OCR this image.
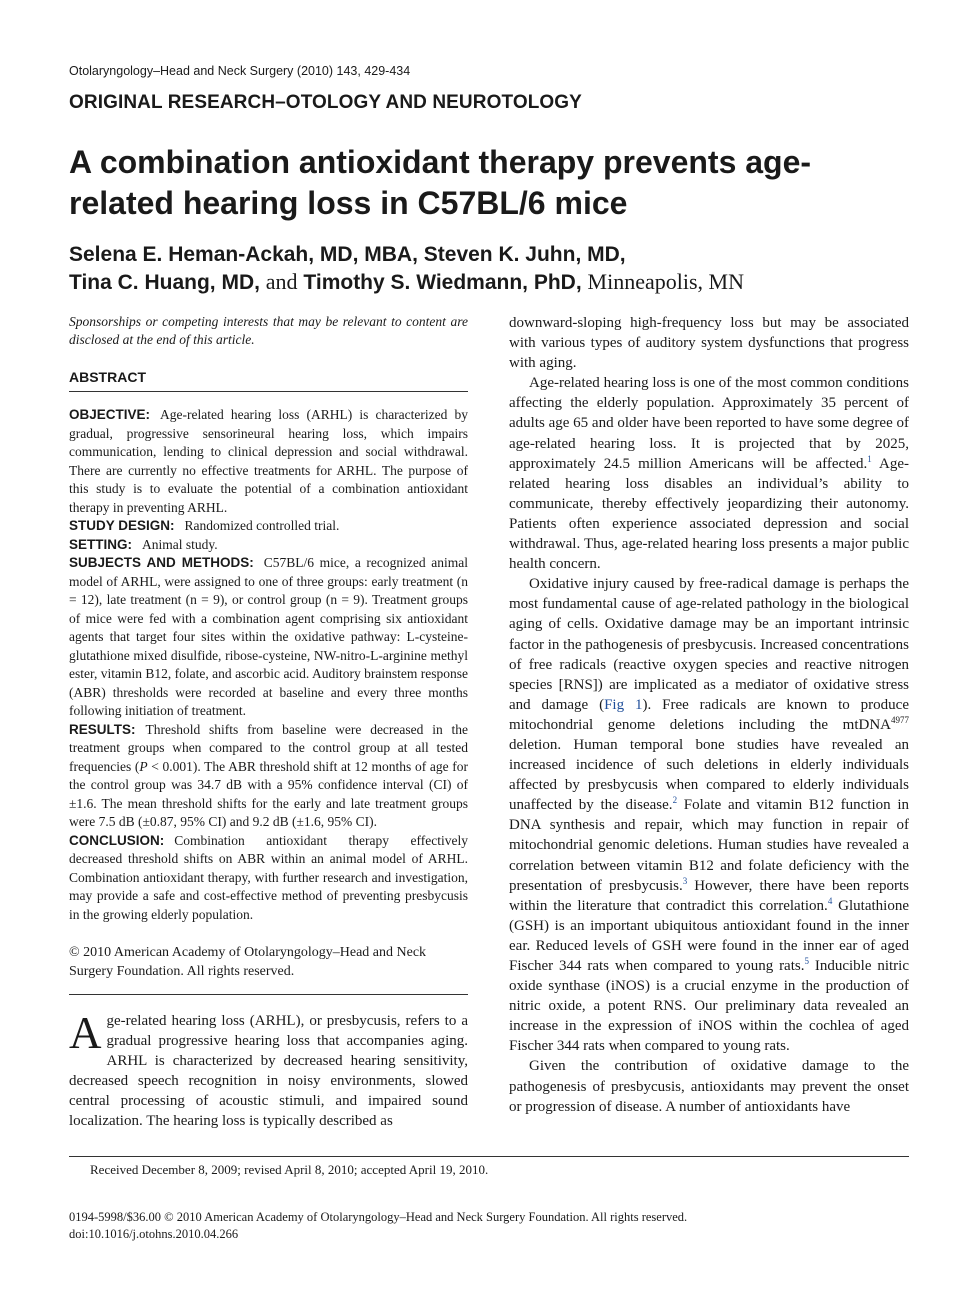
Otolaryngology–Head and Neck Surgery (2010) 143, 429-434
ORIGINAL RESEARCH–OTOLOGY AND NEUROTOLOGY
A combination antioxidant therapy prevents age-related hearing loss in C57BL/6 mice
Selena E. Heman-Ackah, MD, MBA, Steven K. Juhn, MD,
Tina C. Huang, MD, and Timothy S. Wiedmann, PhD, Minneapolis, MN

Sponsorships or competing interests that may be relevant to content are disclosed at the end of this article.

ABSTRACT

OBJECTIVE: Age-related hearing loss (ARHL) is characterized by gradual, progressive sensorineural hearing loss, which impairs communication, lending to clinical depression and social withdrawal. There are currently no effective treatments for ARHL. The purpose of this study is to evaluate the potential of a combination antioxidant therapy in preventing ARHL.

STUDY DESIGN: Randomized controlled trial.

SETTING: Animal study.

SUBJECTS AND METHODS: C57BL/6 mice, a recognized animal model of ARHL, were assigned to one of three groups: early treatment (n = 12), late treatment (n = 9), or control group (n = 9). Treatment groups of mice were fed with a combination agent comprising six antioxidant agents that target four sites within the oxidative pathway: L-cysteine-glutathione mixed disulfide, ribose-cysteine, NW-nitro-L-arginine methyl ester, vitamin B12, folate, and ascorbic acid. Auditory brainstem response (ABR) thresholds were recorded at baseline and every three months following initiation of treatment.

RESULTS: Threshold shifts from baseline were decreased in the treatment groups when compared to the control group at all tested frequencies (P < 0.001). The ABR threshold shift at 12 months of age for the control group was 34.7 dB with a 95% confidence interval (CI) of ±1.6. The mean threshold shifts for the early and late treatment groups were 7.5 dB (±0.87, 95% CI) and 9.2 dB (±1.6, 95% CI).

CONCLUSION: Combination antioxidant therapy effectively decreased threshold shifts on ABR within an animal model of ARHL. Combination antioxidant therapy, with further research and investigation, may provide a safe and cost-effective method of preventing presbycusis in the growing elderly population.

© 2010 American Academy of Otolaryngology–Head and Neck Surgery Foundation. All rights reserved.

Age-related hearing loss (ARHL), or presbycusis, refers to a gradual progressive hearing loss that accompanies aging. ARHL is characterized by decreased hearing sensitivity, decreased speech recognition in noisy environments, slowed central processing of acoustic stimuli, and impaired sound localization. The hearing loss is typically described as

downward-sloping high-frequency loss but may be associated with various types of auditory system dysfunctions that progress with aging.

Age-related hearing loss is one of the most common conditions affecting the elderly population. Approximately 35 percent of adults age 65 and older have been reported to have some degree of age-related hearing loss. It is projected that by 2025, approximately 24.5 million Americans will be affected.$^1$ Age-related hearing loss disables an individual’s ability to communicate, thereby effectively jeopardizing their autonomy. Patients often experience associated depression and social withdrawal. Thus, age-related hearing loss presents a major public health concern.

Oxidative injury caused by free-radical damage is perhaps the most fundamental cause of age-related pathology in the biological aging of cells. Oxidative damage may be an important intrinsic factor in the pathogenesis of presbycusis. Increased concentrations of free radicals (reactive oxygen species and reactive nitrogen species [RNS]) are implicated as a mediator of oxidative stress and damage (Fig 1). Free radicals are known to produce mitochondrial genome deletions including the mtDNA$^{4977}$ deletion. Human temporal bone studies have revealed an increased incidence of such deletions in elderly individuals affected by presbycusis when compared to elderly individuals unaffected by the disease.$^2$ Folate and vitamin B12 function in DNA synthesis and repair, which may function in repair of mitochondrial genomic deletions. Human studies have revealed a correlation between vitamin B12 and folate deficiency with the presentation of presbycusis.$^3$ However, there have been reports within the literature that contradict this correlation.$^4$ Glutathione (GSH) is an important ubiquitous antioxidant found in the inner ear. Reduced levels of GSH were found in the inner ear of aged Fischer 344 rats when compared to young rats.$^5$ Inducible nitric oxide synthase (iNOS) is a crucial enzyme in the production of nitric oxide, a potent RNS. Our preliminary data revealed an increase in the expression of iNOS within the cochlea of aged Fischer 344 rats when compared to young rats.

Given the contribution of oxidative damage to the pathogenesis of presbycusis, antioxidants may prevent the onset or progression of disease. A number of antioxidants have

Received December 8, 2009; revised April 8, 2010; accepted April 19, 2010.
0194-5998/$36.00 © 2010 American Academy of Otolaryngology–Head and Neck Surgery Foundation. All rights reserved.
doi:10.1016/j.otohns.2010.04.266
